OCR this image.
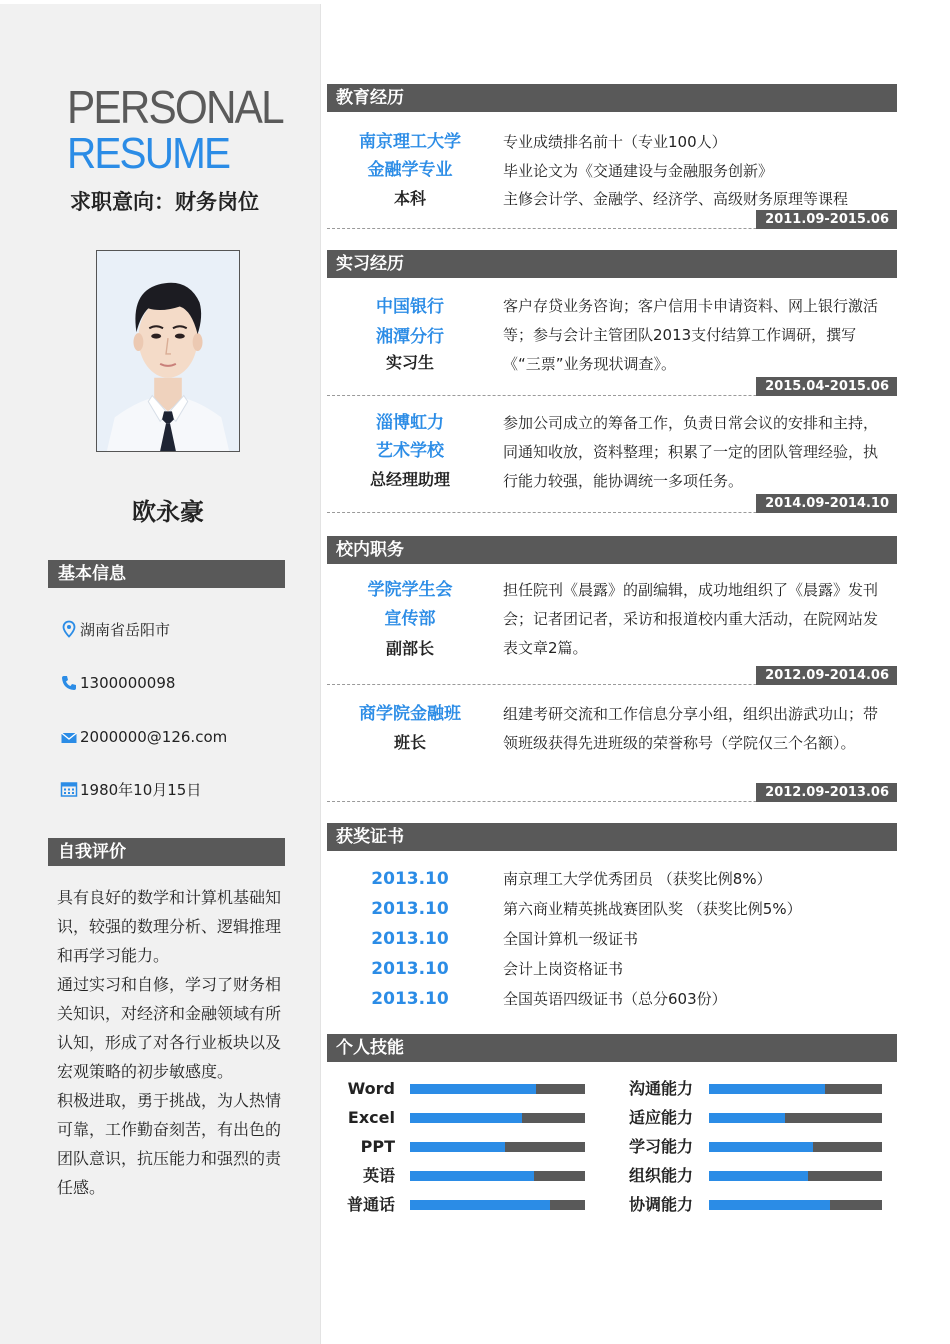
PERSONAL
RESUME
求职意向：财务岗位
欧永豪
基本信息
湖南省岳阳市
1300000098
2000000@126.com
1980年10月15日
自我评价

具有良好的数学和计算机基础知识，较强的数理分析、逻辑推理和再学习能力。

通过实习和自修，学习了财务相关知识，对经济和金融领域有所认知，形成了对各行业板块以及宏观策略的初步敏感度。

积极进取，勇于挑战，为人热情可靠，工作勤奋刻苦，有出色的团队意识，抗压能力和强烈的责任感。

教育经历
南京理工大学
金融学专业
本科
专业成绩排名前十（专业100人）
毕业论文为《交通建设与金融服务创新》
主修会计学、金融学、经济学、高级财务原理等课程
2011.09-2015.06
实习经历
中国银行
湘潭分行
实习生
客户存贷业务咨询；客户信用卡申请资料、网上银行激活等；参与会计主管团队2013支付结算工作调研，撰写《“三票”业务现状调查》。
2015.04-2015.06
淄博虹力
艺术学校
总经理助理
参加公司成立的筹备工作，负责日常会议的安排和主持，同通知收放，资料整理；积累了一定的团队管理经验，执行能力较强，能协调统一多项任务。
2014.09-2014.10
校内职务
学院学生会
宣传部
副部长
担任院刊《晨露》的副编辑，成功地组织了《晨露》发刊会；记者团记者，采访和报道校内重大活动，在院网站发表文章2篇。
2012.09-2014.06
商学院金融班
班长
组建考研交流和工作信息分享小组，组织出游武功山；带领班级获得先进班级的荣誉称号（学院仅三个名额）。
2012.09-2013.06
获奖证书
2013.10	南京理工大学优秀团员 （获奖比例8%）
2013.10	第六商业精英挑战赛团队奖 （获奖比例5%）
2013.10	全国计算机一级证书
2013.10	会计上岗资格证书
2013.10	全国英语四级证书（总分603份）
个人技能
Word
Excel
PPT
英语
普通话
沟通能力
适应能力
学习能力
组织能力
协调能力
